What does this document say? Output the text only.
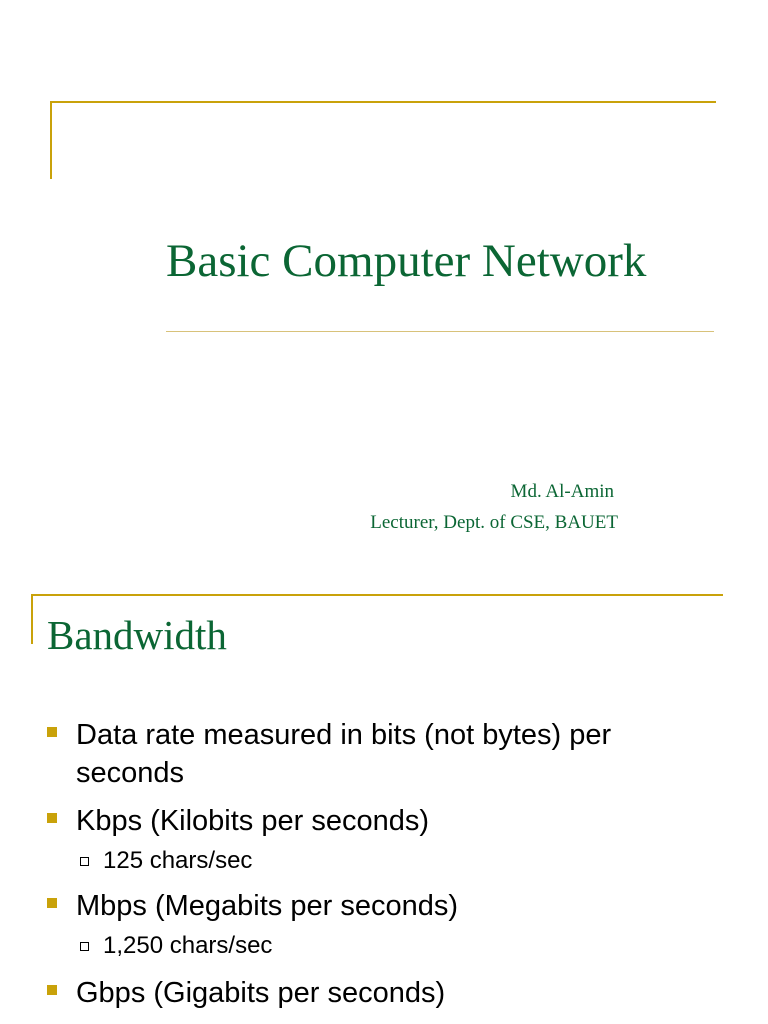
Basic Computer Network
Md. Al-Amin
Lecturer, Dept. of CSE, BAUET
Bandwidth
Data rate measured in bits (not bytes) per
seconds
Kbps (Kilobits per seconds)
125 chars/sec
Mbps (Megabits per seconds)
1,250 chars/sec
Gbps (Gigabits per seconds)
